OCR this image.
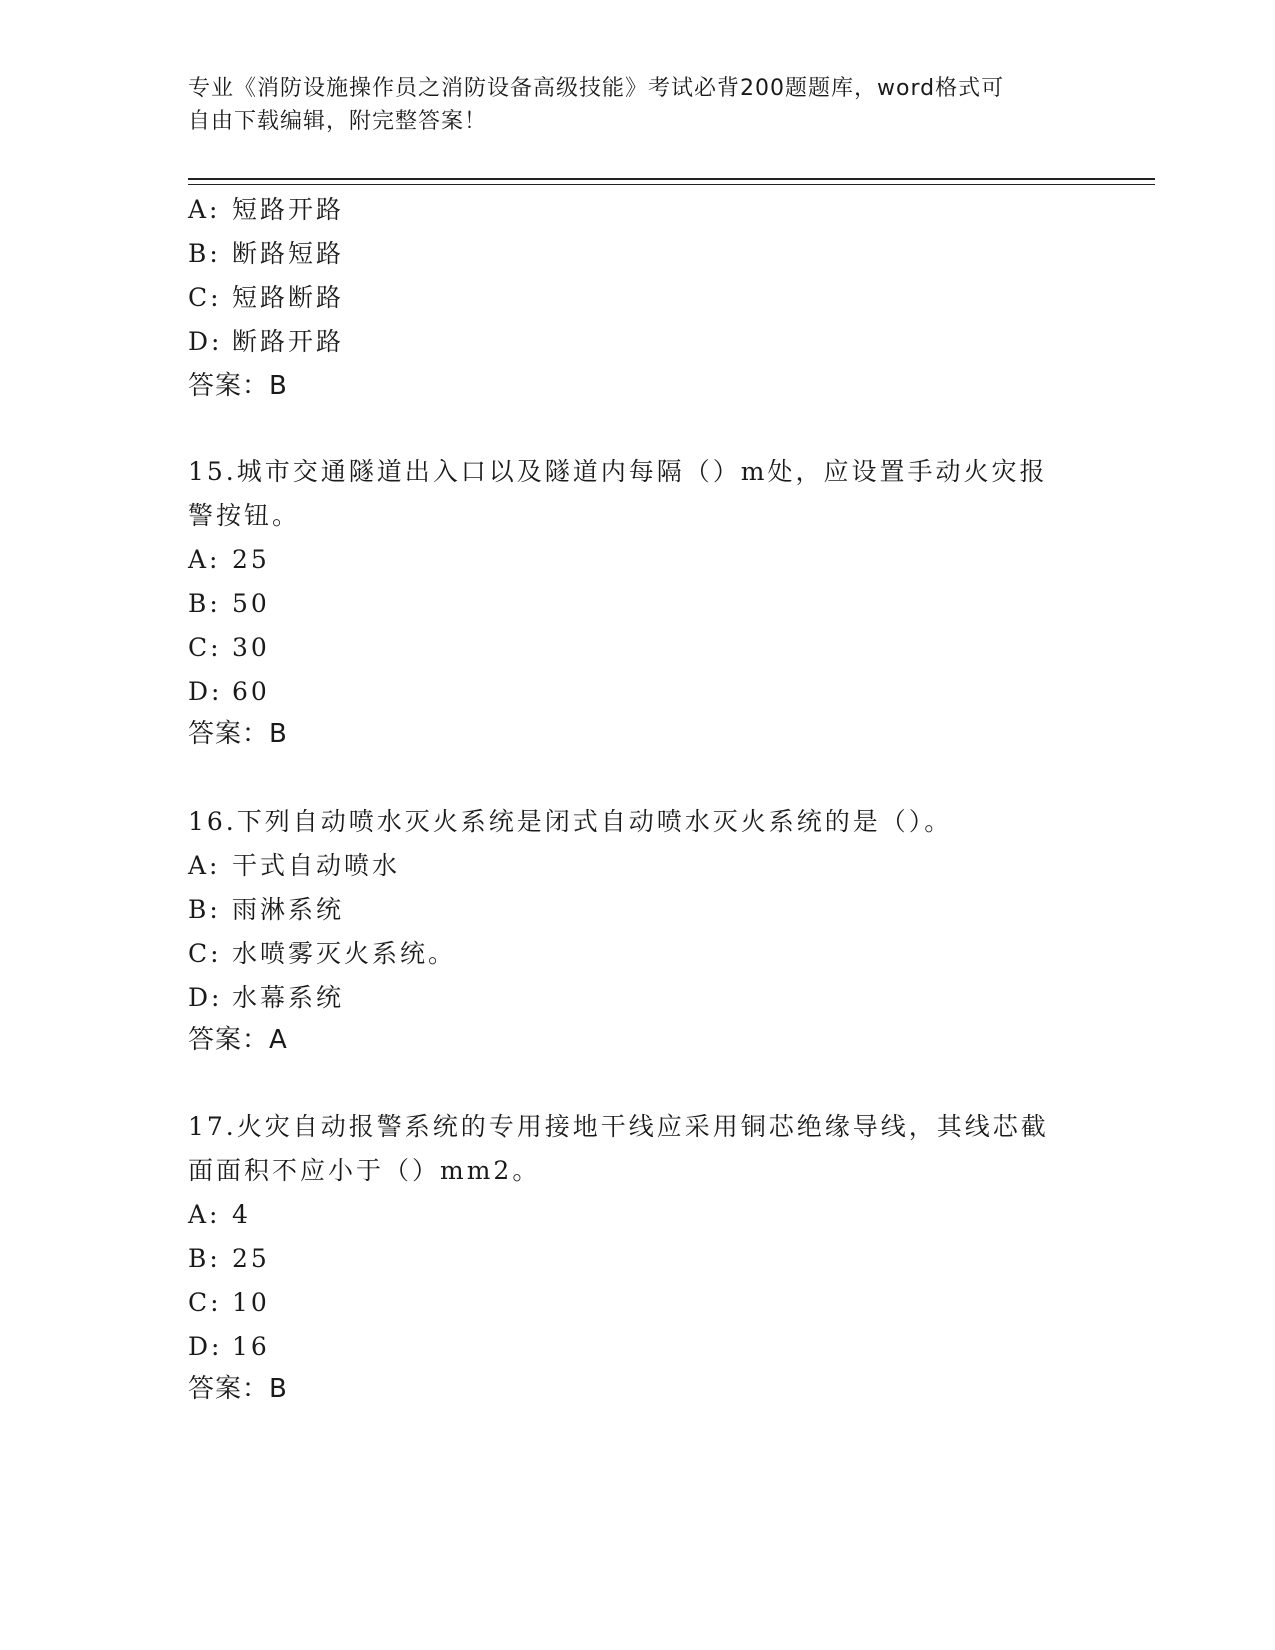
专业《消防设施操作员之消防设备高级技能》考试必背200题题库，word格式可
自由下载编辑，附完整答案！
A: 短路开路
B: 断路短路
C: 短路断路
D: 断路开路
答案：B
15.城市交通隧道出入口以及隧道内每隔（）m处，应设置手动火灾报
警按钮。
A: 25
B: 50
C: 30
D: 60
答案：B
16.下列自动喷水灭火系统是闭式自动喷水灭火系统的是（）。
A: 干式自动喷水
B: 雨淋系统
C: 水喷雾灭火系统。
D: 水幕系统
答案：A
17.火灾自动报警系统的专用接地干线应采用铜芯绝缘导线，其线芯截
面面积不应小于（）mm2。
A: 4
B: 25
C: 10
D: 16
答案：B
